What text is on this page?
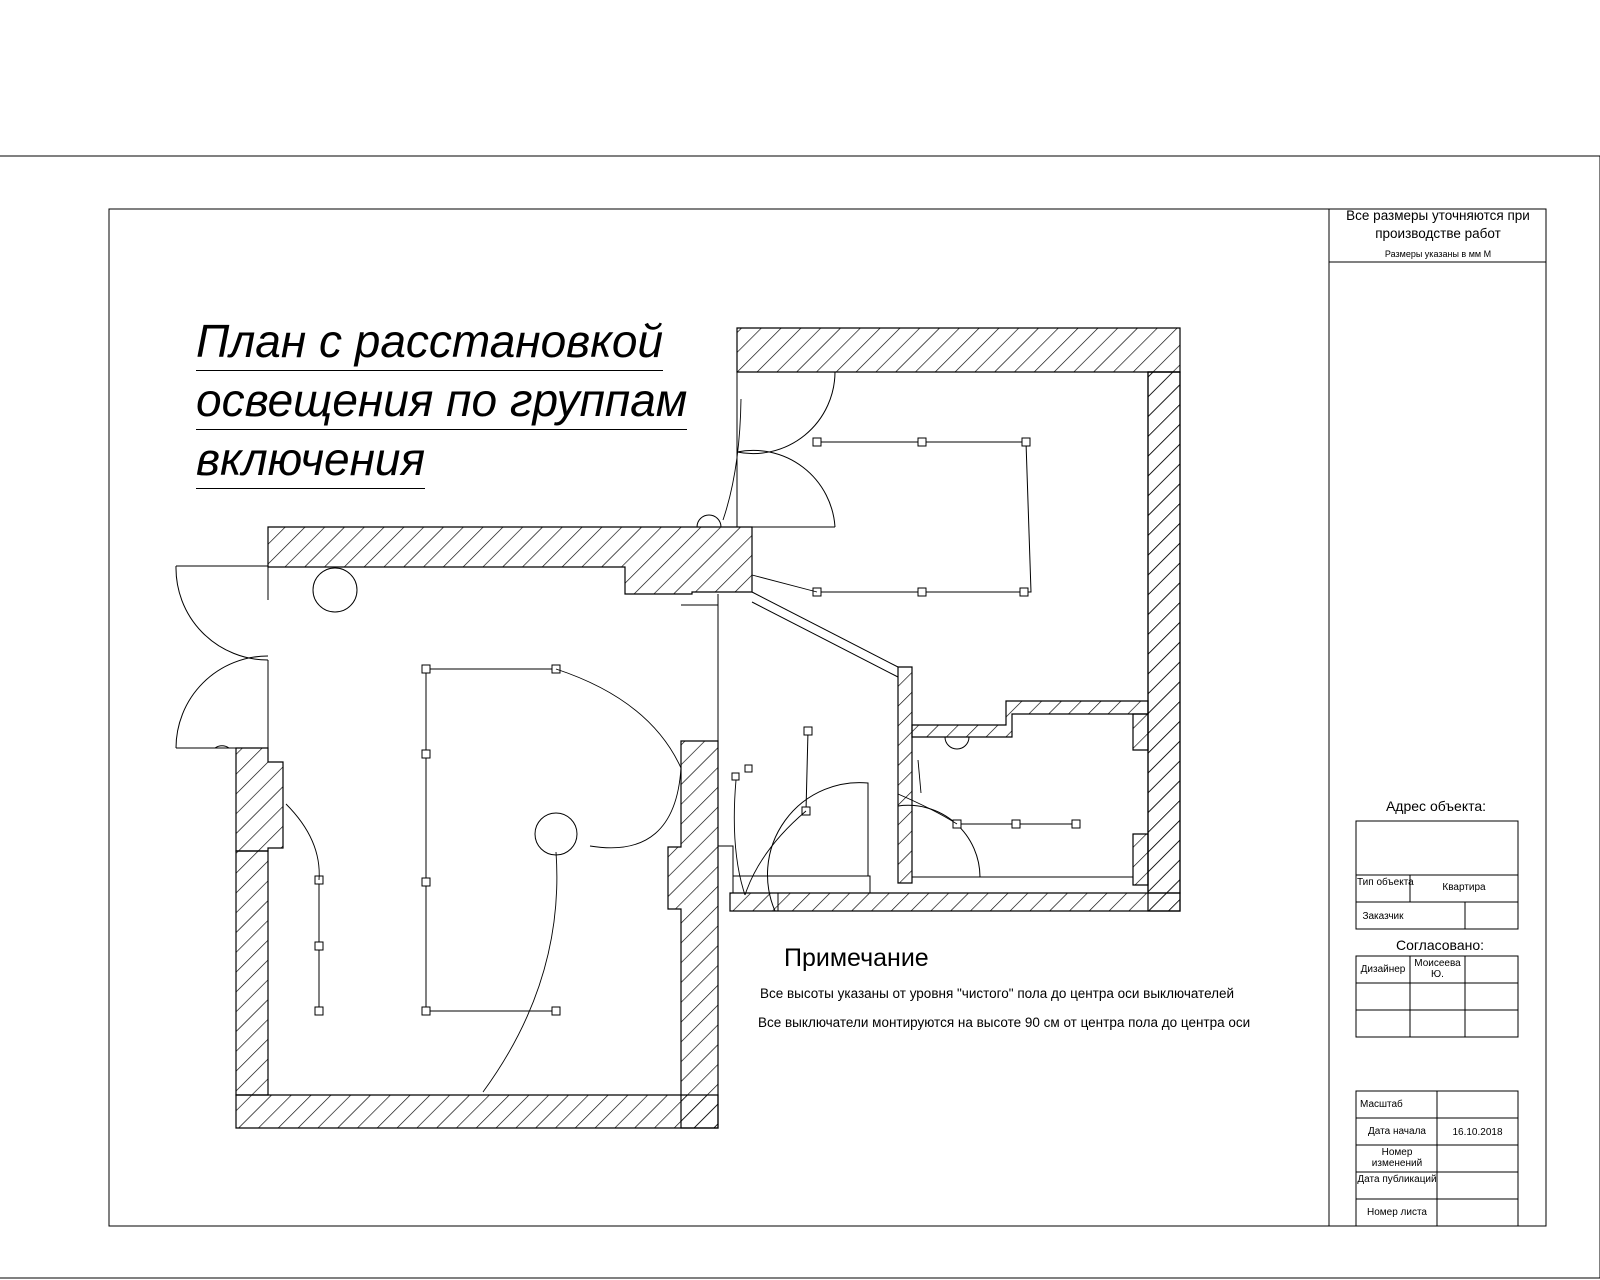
План с расстановкой
освещения по группам
включения
Примечание
Все высоты указаны от уровня "чистого" пола до центра оси выключателей
Все выключатели монтируются на высоте 90 см от центра пола до центра оси
Все размеры уточняются при
производстве работ
Размеры указаны в мм М
Адрес объекта:
Тип объекта	Квартира
Заказчик
Согласовано:
Дизайнер
Моисеева Ю.
Масштаб
Дата начала	16.10.2018
Номер изменений
Дата публикаций
Номер листа
